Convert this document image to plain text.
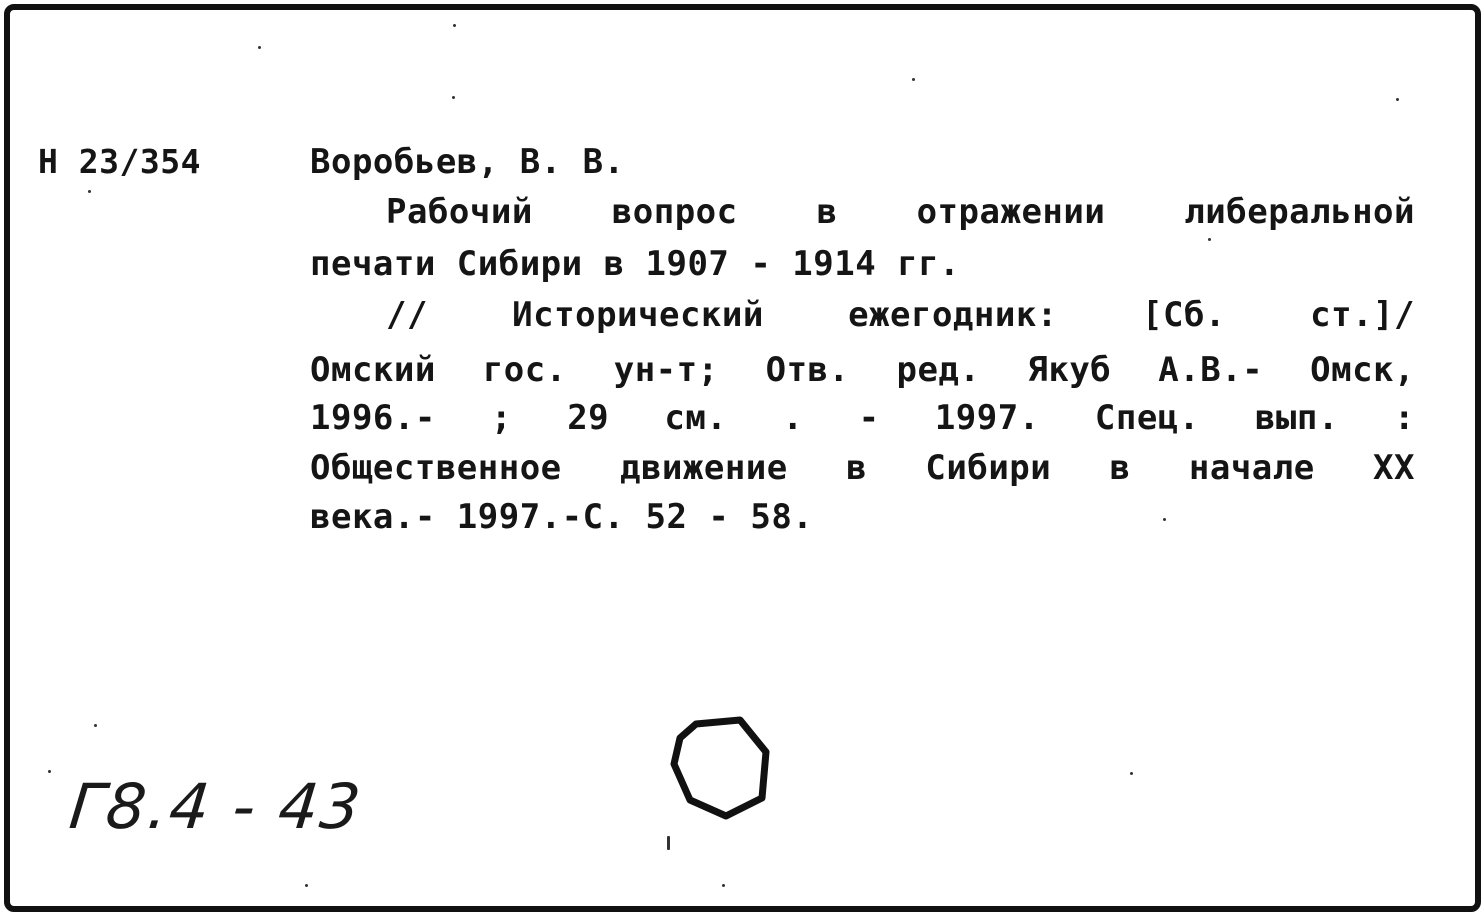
Н 23/354	Воробьев, В. В.
Рабочий вопрос в отражении либеральной
печати Сибири в 1907 - 1914 гг.
// Исторический ежегодник: [Сб. ст.]/
Омский гос. ун-т; Отв. ред. Якуб А.В.- Омск,
1996.- ; 29 см. . - 1997. Спец. вып. :
Общественное движение в Сибири в начале XX
века.- 1997.-С. 52 - 58.
Г8.4 - 43
